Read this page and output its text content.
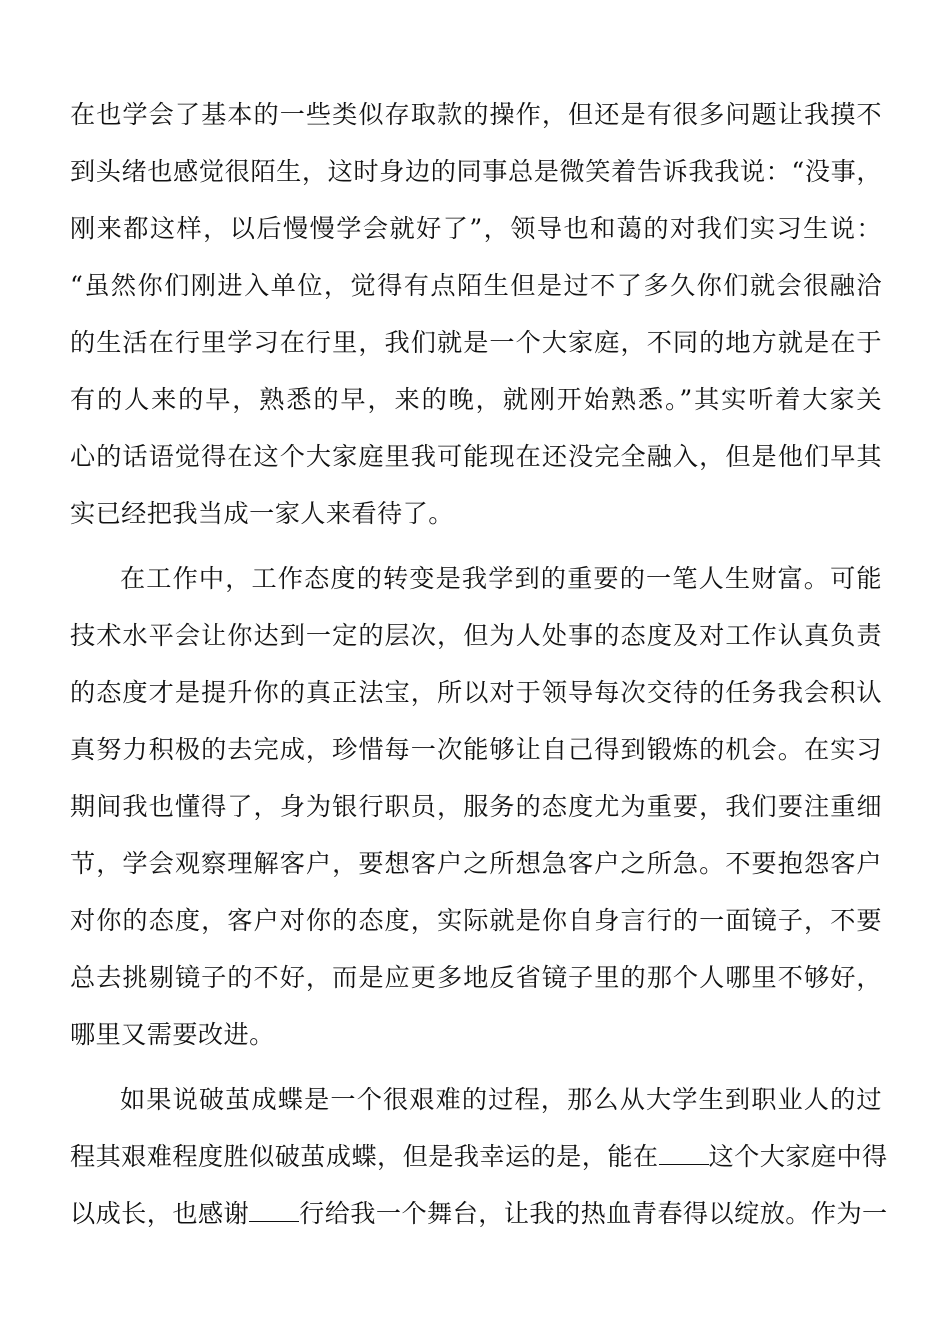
在也学会了基本的一些类似存取款的操作，但还是有很多问题让我摸不
到头绪也感觉很陌生，这时身边的同事总是微笑着告诉我我说：“没事，
刚来都这样，以后慢慢学会就好了”，领导也和蔼的对我们实习生说：
“虽然你们刚进入单位，觉得有点陌生但是过不了多久你们就会很融洽
的生活在行里学习在行里，我们就是一个大家庭，不同的地方就是在于
有的人来的早，熟悉的早，来的晚，就刚开始熟悉。”其实听着大家关
心的话语觉得在这个大家庭里我可能现在还没完全融入，但是他们早其
实已经把我当成一家人来看待了。
在工作中，工作态度的转变是我学到的重要的一笔人生财富。可能
技术水平会让你达到一定的层次，但为人处事的态度及对工作认真负责
的态度才是提升你的真正法宝，所以对于领导每次交待的任务我会积认
真努力积极的去完成，珍惜每一次能够让自己得到锻炼的机会。在实习
期间我也懂得了，身为银行职员，服务的态度尤为重要，我们要注重细
节，学会观察理解客户，要想客户之所想急客户之所急。不要抱怨客户
对你的态度，客户对你的态度，实际就是你自身言行的一面镜子，不要
总去挑剔镜子的不好，而是应更多地反省镜子里的那个人哪里不够好，
哪里又需要改进。
如果说破茧成蝶是一个很艰难的过程，那么从大学生到职业人的过
程其艰难程度胜似破茧成蝶，但是我幸运的是，能在 这个大家庭中得
以成长，也感谢 行给我一个舞台，让我的热血青春得以绽放。作为一
